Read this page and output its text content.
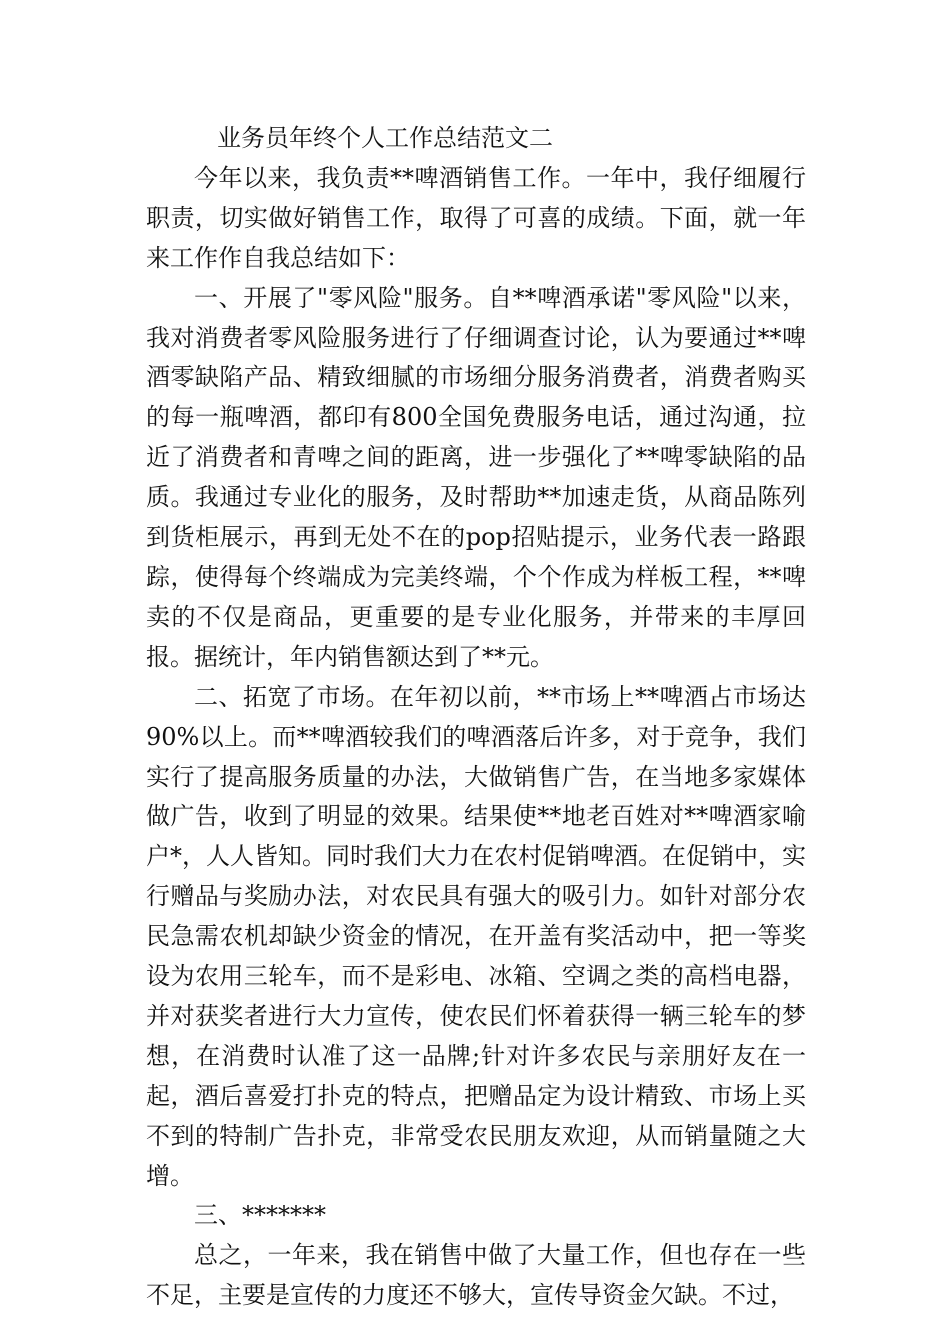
业务员年终个人工作总结范文二

今年以来，我负责**啤酒销售工作。一年中，我仔细履行职责，切实做好销售工作，取得了可喜的成绩。下面，就一年来工作作自我总结如下：

一、开展了"零风险"服务。自**啤酒承诺"零风险"以来，我对消费者零风险服务进行了仔细调查讨论，认为要通过**啤酒零缺陷产品、精致细腻的市场细分服务消费者，消费者购买的每一瓶啤酒，都印有800全国免费服务电话，通过沟通，拉近了消费者和青啤之间的距离，进一步强化了**啤零缺陷的品质。我通过专业化的服务，及时帮助**加速走货，从商品陈列到货柜展示，再到无处不在的pop招贴提示，业务代表一路跟踪，使得每个终端成为完美终端，个个作成为样板工程，**啤卖的不仅是商品，更重要的是专业化服务，并带来的丰厚回报。据统计，年内销售额达到了**元。

二、拓宽了市场。在年初以前，**市场上**啤酒占市场达90%以上。而**啤酒较我们的啤酒落后许多，对于竞争，我们实行了提高服务质量的办法，大做销售广告，在当地多家媒体做广告，收到了明显的效果。结果使**地老百姓对**啤酒家喻户*，人人皆知。同时我们大力在农村促销啤酒。在促销中，实行赠品与奖励办法，对农民具有强大的吸引力。如针对部分农民急需农机却缺少资金的情况，在开盖有奖活动中，把一等奖设为农用三轮车，而不是彩电、冰箱、空调之类的高档电器，并对获奖者进行大力宣传，使农民们怀着获得一辆三轮车的梦想，在消费时认准了这一品牌;针对许多农民与亲朋好友在一起，酒后喜爱打扑克的特点，把赠品定为设计精致、市场上买不到的特制广告扑克，非常受农民朋友欢迎，从而销量随之大增。

三、*******

总之，一年来，我在销售中做了大量工作，但也存在一些不足，主要是宣传的力度还不够大，宣传导资金欠缺。不过，
